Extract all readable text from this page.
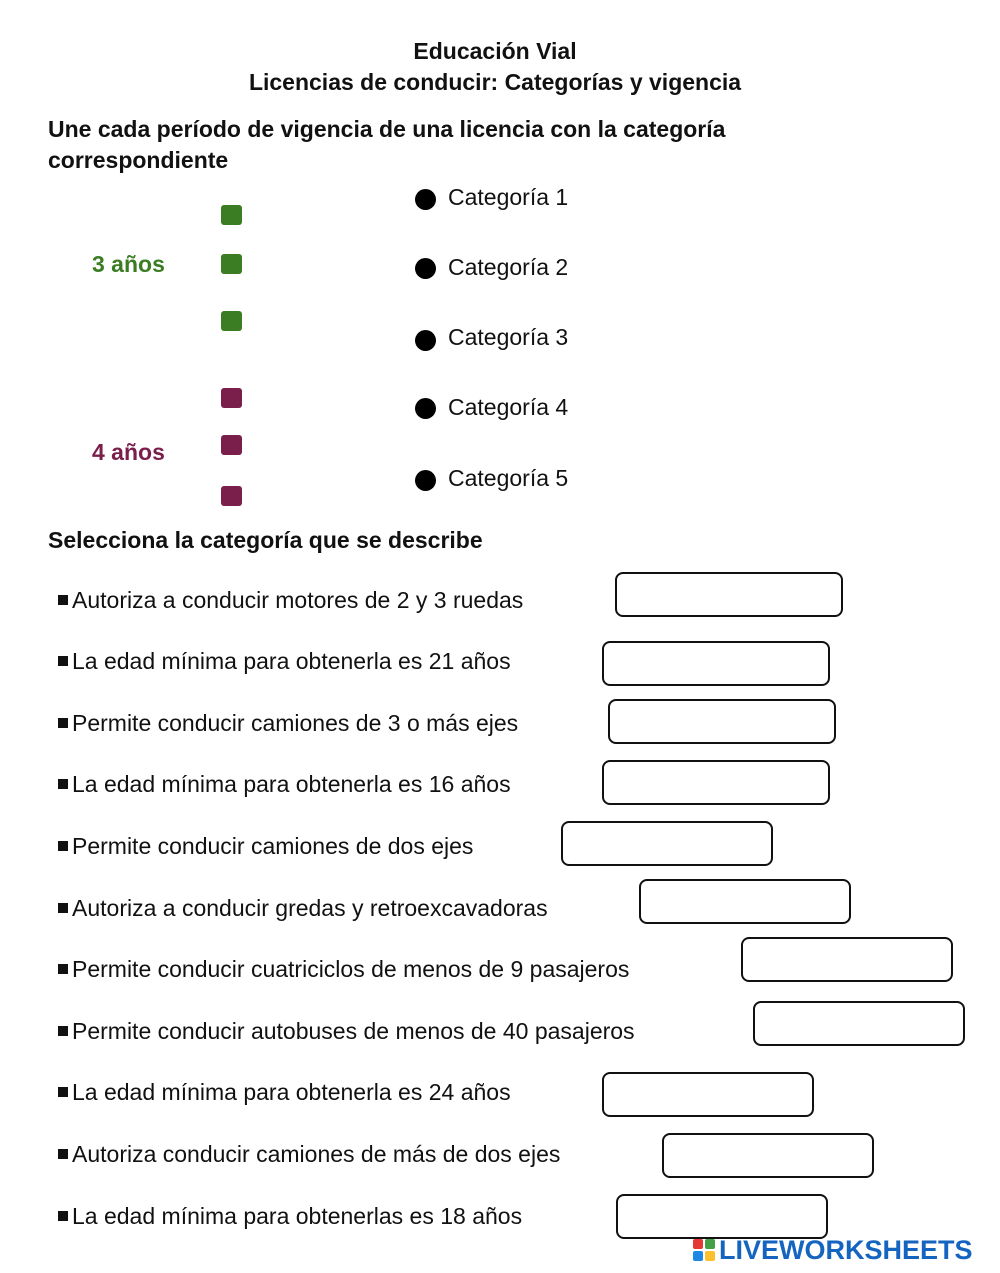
Educación Vial
Licencias de conducir: Categorías y vigencia
Une cada período de vigencia de una licencia con la categoría
correspondiente
3 años
4 años
Categoría 1
Categoría 2
Categoría 3
Categoría 4
Categoría 5
Selecciona la categoría que se describe
Autoriza a conducir motores de 2 y 3 ruedas
La edad mínima para obtenerla es 21 años
Permite conducir camiones de 3 o más ejes
La edad mínima para obtenerla es 16 años
Permite conducir camiones de dos ejes
Autoriza a conducir gredas y retroexcavadoras
Permite conducir cuatriciclos de menos de 9 pasajeros
Permite conducir autobuses de menos de 40 pasajeros
La edad mínima para obtenerla es 24 años
Autoriza conducir camiones de más de dos ejes
La edad mínima para obtenerlas es 18 años
LIVEWORKSHEETS
